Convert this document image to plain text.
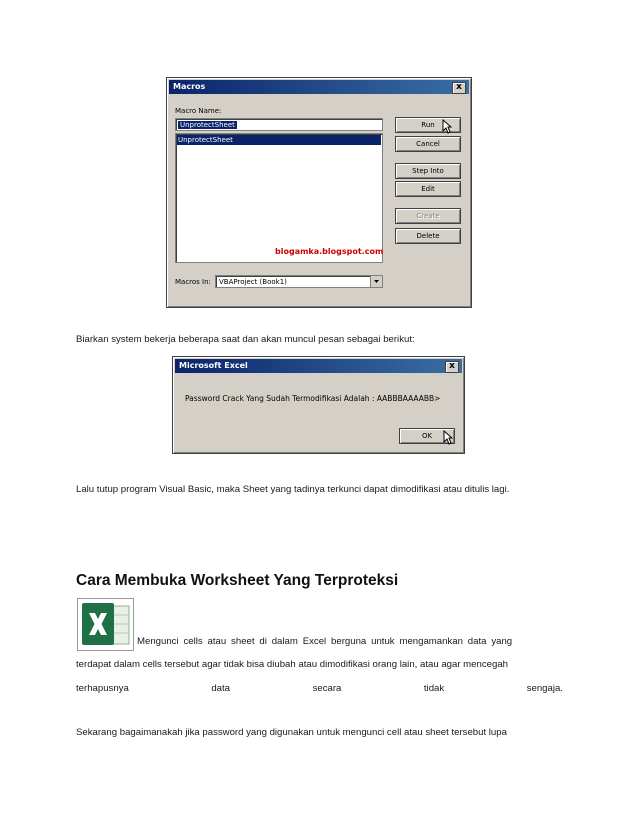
Macros	x
Macro Name:
UnprotectSheet
UnprotectSheet
blogamka.blogspot.com
Macros In: VBAProject (Book1)
Run
Cancel
Step Into
Edit
Create
Delete
Biarkan system bekerja beberapa saat dan akan muncul pesan sebagai berikut:
Microsoft Excel	x
Password Crack Yang Sudah Termodifikasi Adalah : AABBBAAAABB>
OK
Lalu tutup program Visual Basic, maka Sheet yang tadinya terkunci dapat dimodifikasi atau ditulis lagi.
Cara Membuka Worksheet Yang Terproteksi
Mengunci cells atau sheet di dalam Excel berguna untuk mengamankan data yang
terdapat dalam cells tersebut agar tidak bisa diubah atau dimodifikasi orang lain, atau agar mencegah
terhapusnya	data	secara	tidak	sengaja.
Sekarang bagaimanakah jika password yang digunakan untuk mengunci cell atau sheet tersebut lupa
